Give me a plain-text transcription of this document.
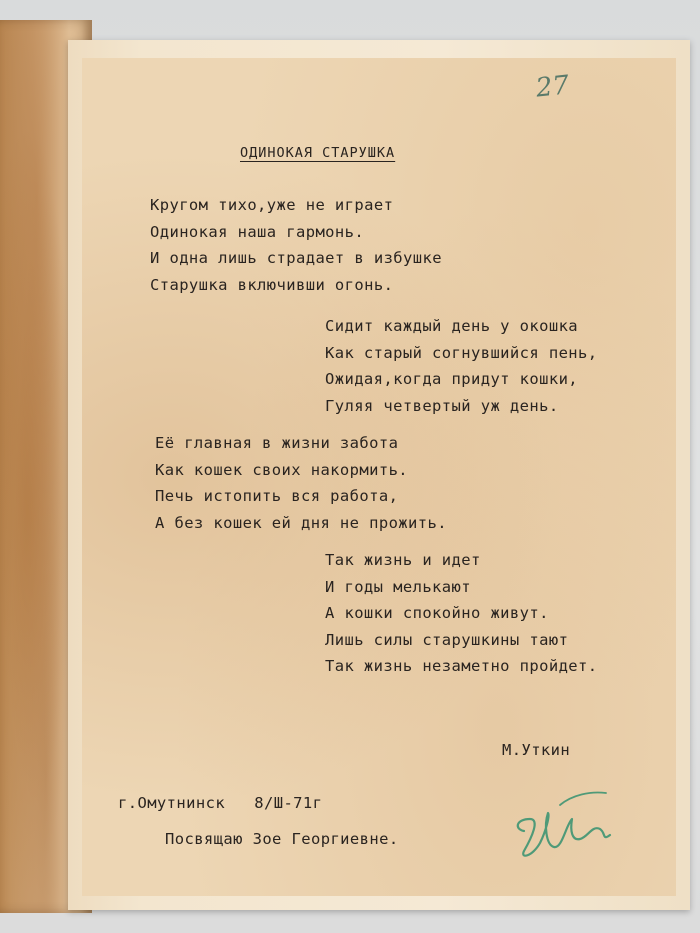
27

ОДИНОКАЯ СТАРУШКА

Кругом тихо,уже не играет
Одинокая наша гармонь.
И одна лишь страдает в избушке
Старушка включивши огонь.
Сидит каждый день у окошка
Как старый согнувшийся пень,
Ожидая,когда придут кошки,
Гуляя четвертый уж день.
Её главная в жизни забота
Как кошек своих накормить.
Печь истопить вся работа,
А без кошек ей дня не прожить.
Так жизнь и идет
И годы мелькают
А кошки спокойно живут.
Лишь силы старушкины тают
Так жизнь незаметно пройдет.

М.Уткин

г.Омутнинск   8/Ш-71г

Посвящаю Зое Георгиевне.
